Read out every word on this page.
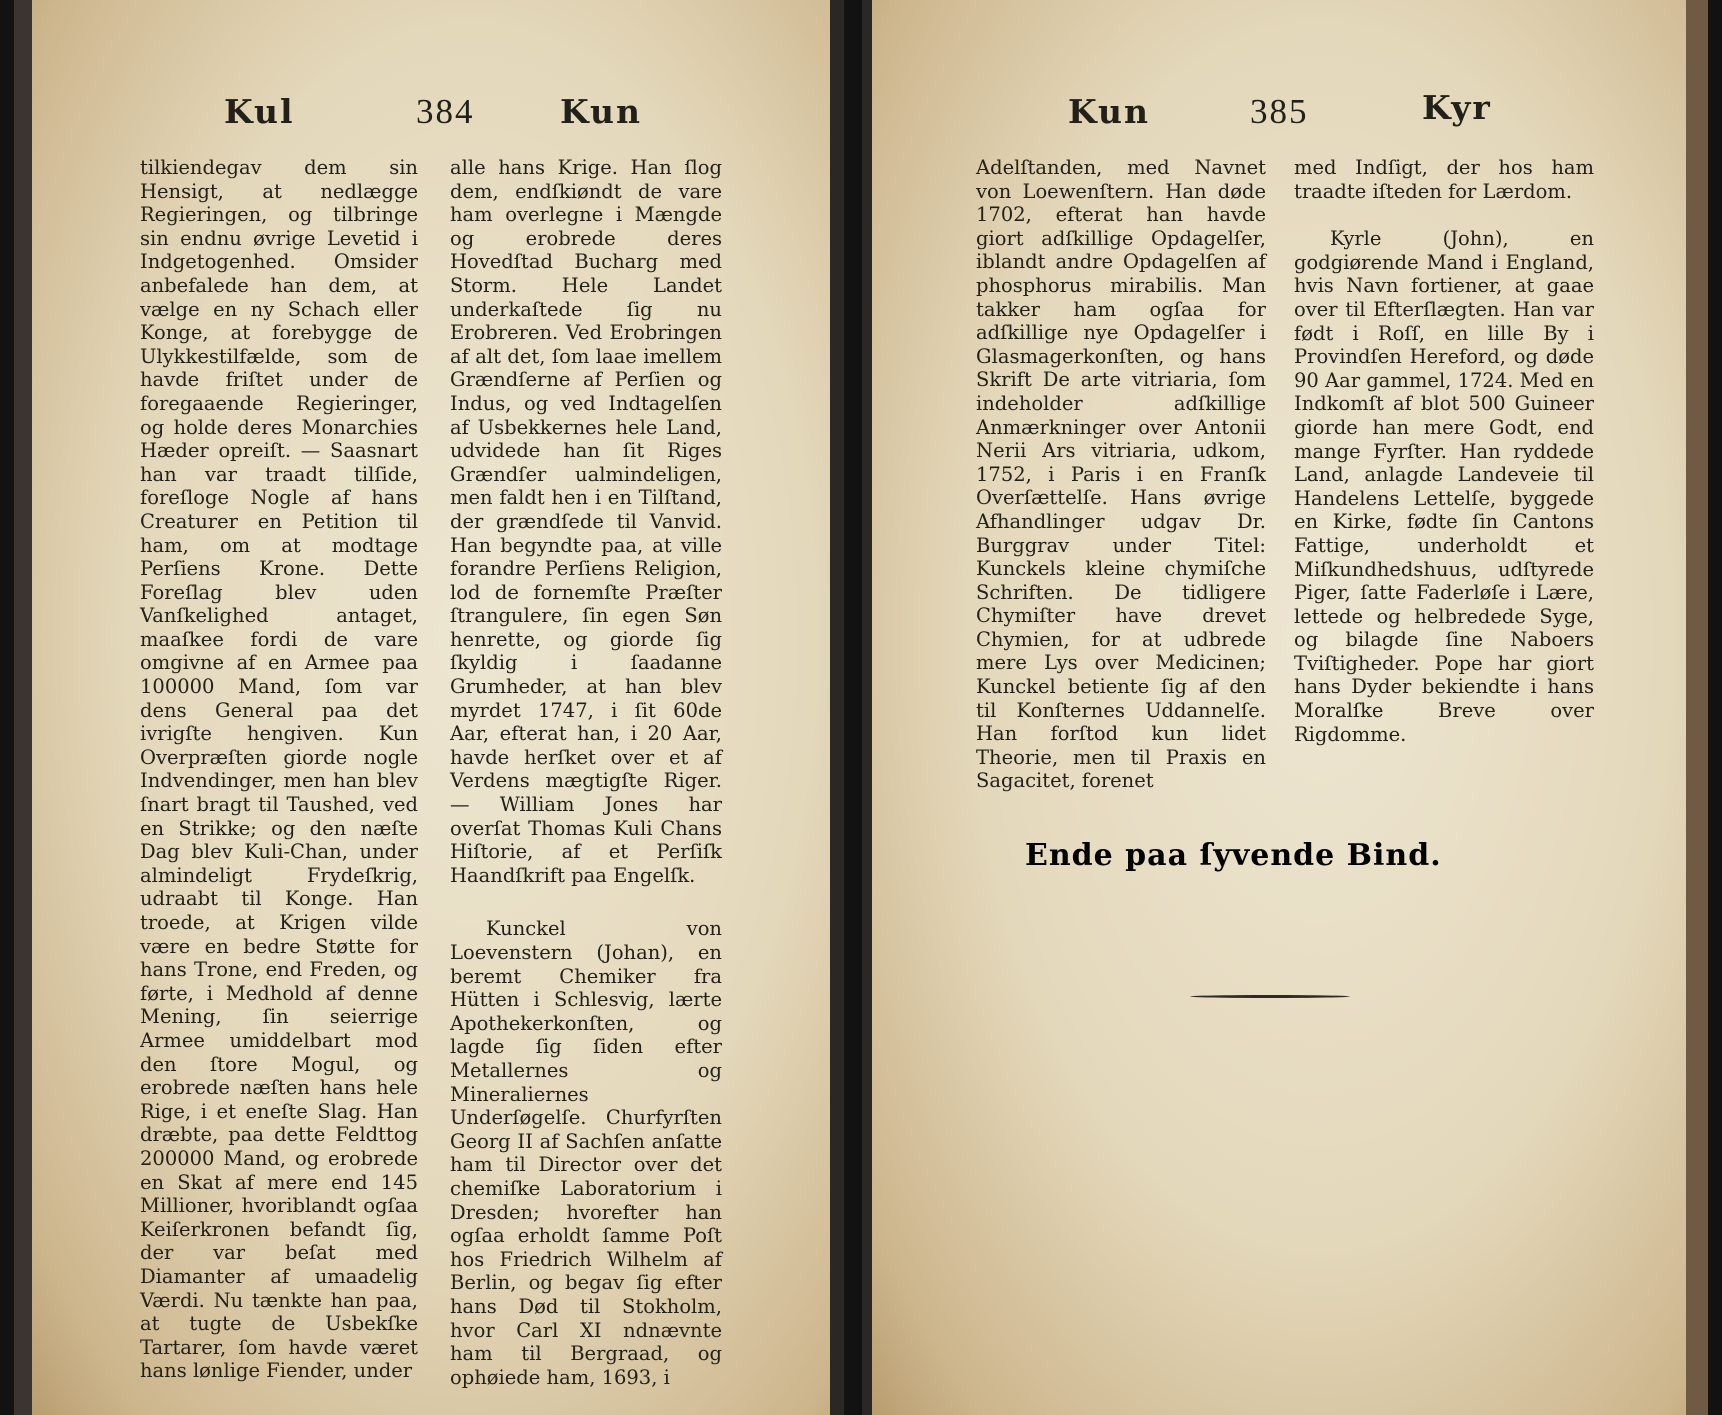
Kul	384	Kun

tilkiendegav dem sin Hensigt, at nedlægge Regieringen, og tilbringe sin endnu øvrige Levetid i Indgetogenhed. Omsider anbefalede han dem, at vælge en ny Schach eller Konge, at forebygge de Ulykkestilfælde, som de havde friſtet under de foregaaende Regieringer, og holde deres Monarchies Hæder opreiſt. — Saasnart han var traadt tilſide, foreſloge Nogle af hans Creaturer en Petition til ham, om at modtage Perſiens Krone. Dette Foreſlag blev uden Vanſkelighed antaget, maaſkee fordi de vare omgivne af en Armee paa 100000 Mand, ſom var dens General paa det ivrigſte hengiven. Kun Overpræſten giorde nogle Indvendinger, men han blev ſnart bragt til Taushed, ved en Strikke; og den næſte Dag blev Kuli-Chan, under almindeligt Frydeſkrig, udraabt til Konge. Han troede, at Krigen vilde være en bedre Støtte for hans Trone, end Freden, og førte, i Medhold af denne Mening, ſin seierrige Armee umiddelbart mod den ſtore Mogul, og erobrede næſten hans hele Rige, i et eneſte Slag. Han dræbte, paa dette Feldttog 200000 Mand, og erobrede en Skat af mere end 145 Millioner, hvoriblandt ogſaa Keiſerkronen befandt ſig, der var beſat med Diamanter af umaadelig Værdi. Nu tænkte han paa, at tugte de Usbekſke Tartarer, ſom havde været hans lønlige Fiender, under

alle hans Krige. Han ſlog dem, endſkiøndt de vare ham overlegne i Mængde og erobrede deres Hovedſtad Bucharg med Storm. Hele Landet underkaſtede ſig nu Erobreren. Ved Erobringen af alt det, ſom laae imellem Grændſerne af Perſien og Indus, og ved Indtagelſen af Usbekkernes hele Land, udvidede han ſit Riges Grændſer ualmindeligen, men faldt hen i en Tilſtand, der grændſede til Vanvid. Han begyndte paa, at ville forandre Perſiens Religion, lod de fornemſte Præſter ſtrangulere, ſin egen Søn henrette, og giorde ſig ſkyldig i ſaadanne Grumheder, at han blev myrdet 1747, i ſit 60de Aar, efterat han, i 20 Aar, havde herſket over et af Verdens mægtigſte Riger. — William Jones har overſat Thomas Kuli Chans Hiſtorie, af et Perſiſk Haandſkrift paa Engelſk.

Kunckel von Loevenstern (Johan), en beremt Chemiker fra Hütten i Schlesvig, lærte Apothekerkonſten, og lagde ſig ſiden efter Metallernes og Mineraliernes Underſøgelſe. Churfyrſten Georg II af Sachſen anſatte ham til Director over det chemiſke Laboratorium i Dresden; hvorefter han ogſaa erholdt ſamme Poſt hos Friedrich Wilhelm af Berlin, og begav ſig efter hans Død til Stokholm, hvor Carl XI ndnævnte ham til Bergraad, og ophøiede ham, 1693, i

Kun	385	Kyr

Adelſtanden, med Navnet von Loewenſtern. Han døde 1702, efterat han havde giort adſkillige Opdagelſer, iblandt andre Opdagelſen af phosphorus mirabilis. Man takker ham ogſaa for adſkillige nye Opdagelſer i Glasmagerkonſten, og hans Skrift De arte vitriaria, ſom indeholder adſkillige Anmærkninger over Antonii Nerii Ars vitriaria, udkom, 1752, i Paris i en Franſk Overſættelſe. Hans øvrige Afhandlinger udgav Dr. Burggrav under Titel: Kunckels kleine chymiſche Schriften. De tidligere Chymiſter have drevet Chymien, for at udbrede mere Lys over Medicinen; Kunckel betiente ſig af den til Konſternes Uddannelſe. Han forſtod kun lidet Theorie, men til Praxis en Sagacitet, forenet

med Indſigt, der hos ham traadte iſteden for Lærdom.

Kyrle (John), en godgiørende Mand i England, hvis Navn fortiener, at gaae over til Efterſlægten. Han var født i Roſſ, en lille By i Provindſen Hereford, og døde 90 Aar gammel, 1724. Med en Indkomſt af blot 500 Guineer giorde han mere Godt, end mange Fyrſter. Han ryddede Land, anlagde Landeveie til Handelens Lettelſe, byggede en Kirke, fødte ſin Cantons Fattige, underholdt et Miſkundhedshuus, udſtyrede Piger, ſatte Faderløſe i Lære, lettede og helbredede Syge, og bilagde ſine Naboers Tviſtigheder. Pope har giort hans Dyder bekiendte i hans Moralſke Breve over Rigdomme.

Ende paa ſyvende Bind.
